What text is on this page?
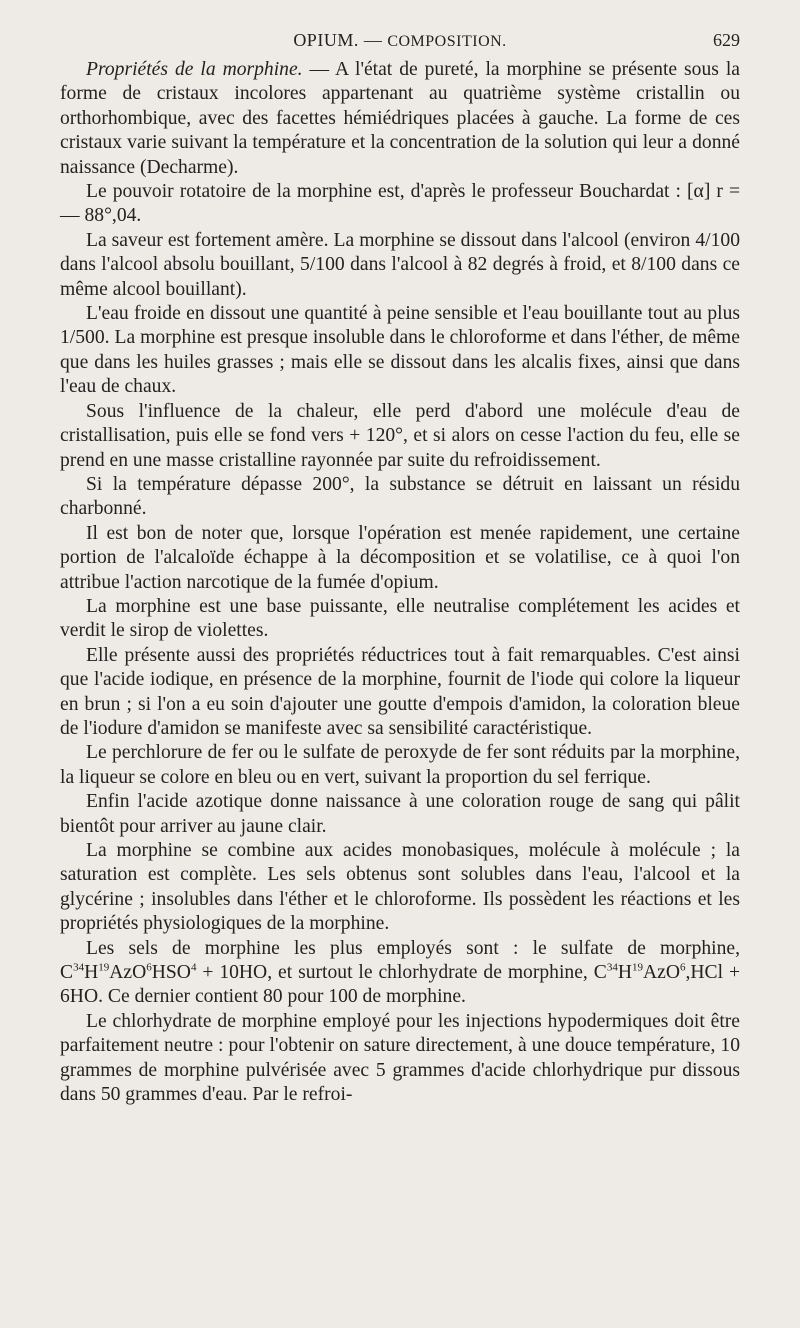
OPIUM. — COMPOSITION.	629

Propriétés de la morphine. — A l'état de pureté, la morphine se présente sous la forme de cristaux incolores appartenant au quatrième système cristallin ou orthorhombique, avec des facettes hémiédriques placées à gauche. La forme de ces cristaux varie suivant la température et la concentration de la solution qui leur a donné naissance (Decharme).

Le pouvoir rotatoire de la morphine est, d'après le professeur Bouchardat : [α] r = — 88°,04.

La saveur est fortement amère. La morphine se dissout dans l'alcool (environ 4/100 dans l'alcool absolu bouillant, 5/100 dans l'alcool à 82 degrés à froid, et 8/100 dans ce même alcool bouillant).

L'eau froide en dissout une quantité à peine sensible et l'eau bouillante tout au plus 1/500. La morphine est presque insoluble dans le chloroforme et dans l'éther, de même que dans les huiles grasses ; mais elle se dissout dans les alcalis fixes, ainsi que dans l'eau de chaux.

Sous l'influence de la chaleur, elle perd d'abord une molécule d'eau de cristallisation, puis elle se fond vers + 120°, et si alors on cesse l'action du feu, elle se prend en une masse cristalline rayonnée par suite du refroidissement.

Si la température dépasse 200°, la substance se détruit en laissant un résidu charbonné.

Il est bon de noter que, lorsque l'opération est menée rapidement, une certaine portion de l'alcaloïde échappe à la décomposition et se volatilise, ce à quoi l'on attribue l'action narcotique de la fumée d'opium.

La morphine est une base puissante, elle neutralise complétement les acides et verdit le sirop de violettes.

Elle présente aussi des propriétés réductrices tout à fait remarquables. C'est ainsi que l'acide iodique, en présence de la morphine, fournit de l'iode qui colore la liqueur en brun ; si l'on a eu soin d'ajouter une goutte d'empois d'amidon, la coloration bleue de l'iodure d'amidon se manifeste avec sa sensibilité caractéristique.

Le perchlorure de fer ou le sulfate de peroxyde de fer sont réduits par la morphine, la liqueur se colore en bleu ou en vert, suivant la proportion du sel ferrique.

Enfin l'acide azotique donne naissance à une coloration rouge de sang qui pâlit bientôt pour arriver au jaune clair.

La morphine se combine aux acides monobasiques, molécule à molécule ; la saturation est complète. Les sels obtenus sont solubles dans l'eau, l'alcool et la glycérine ; insolubles dans l'éther et le chloroforme. Ils possèdent les réactions et les propriétés physiologiques de la morphine.

Les sels de morphine les plus employés sont : le sulfate de morphine, $C^{34}H^{19}AzO^6HSO^4 + 10HO$, et surtout le chlorhydrate de morphine, $C^{34}H^{19}AzO^6,HCl + 6HO$. Ce dernier contient 80 pour 100 de morphine.

Le chlorhydrate de morphine employé pour les injections hypodermiques doit être parfaitement neutre : pour l'obtenir on sature directement, à une douce température, 10 grammes de morphine pulvérisée avec 5 grammes d'acide chlorhydrique pur dissous dans 50 grammes d'eau. Par le refroi-
